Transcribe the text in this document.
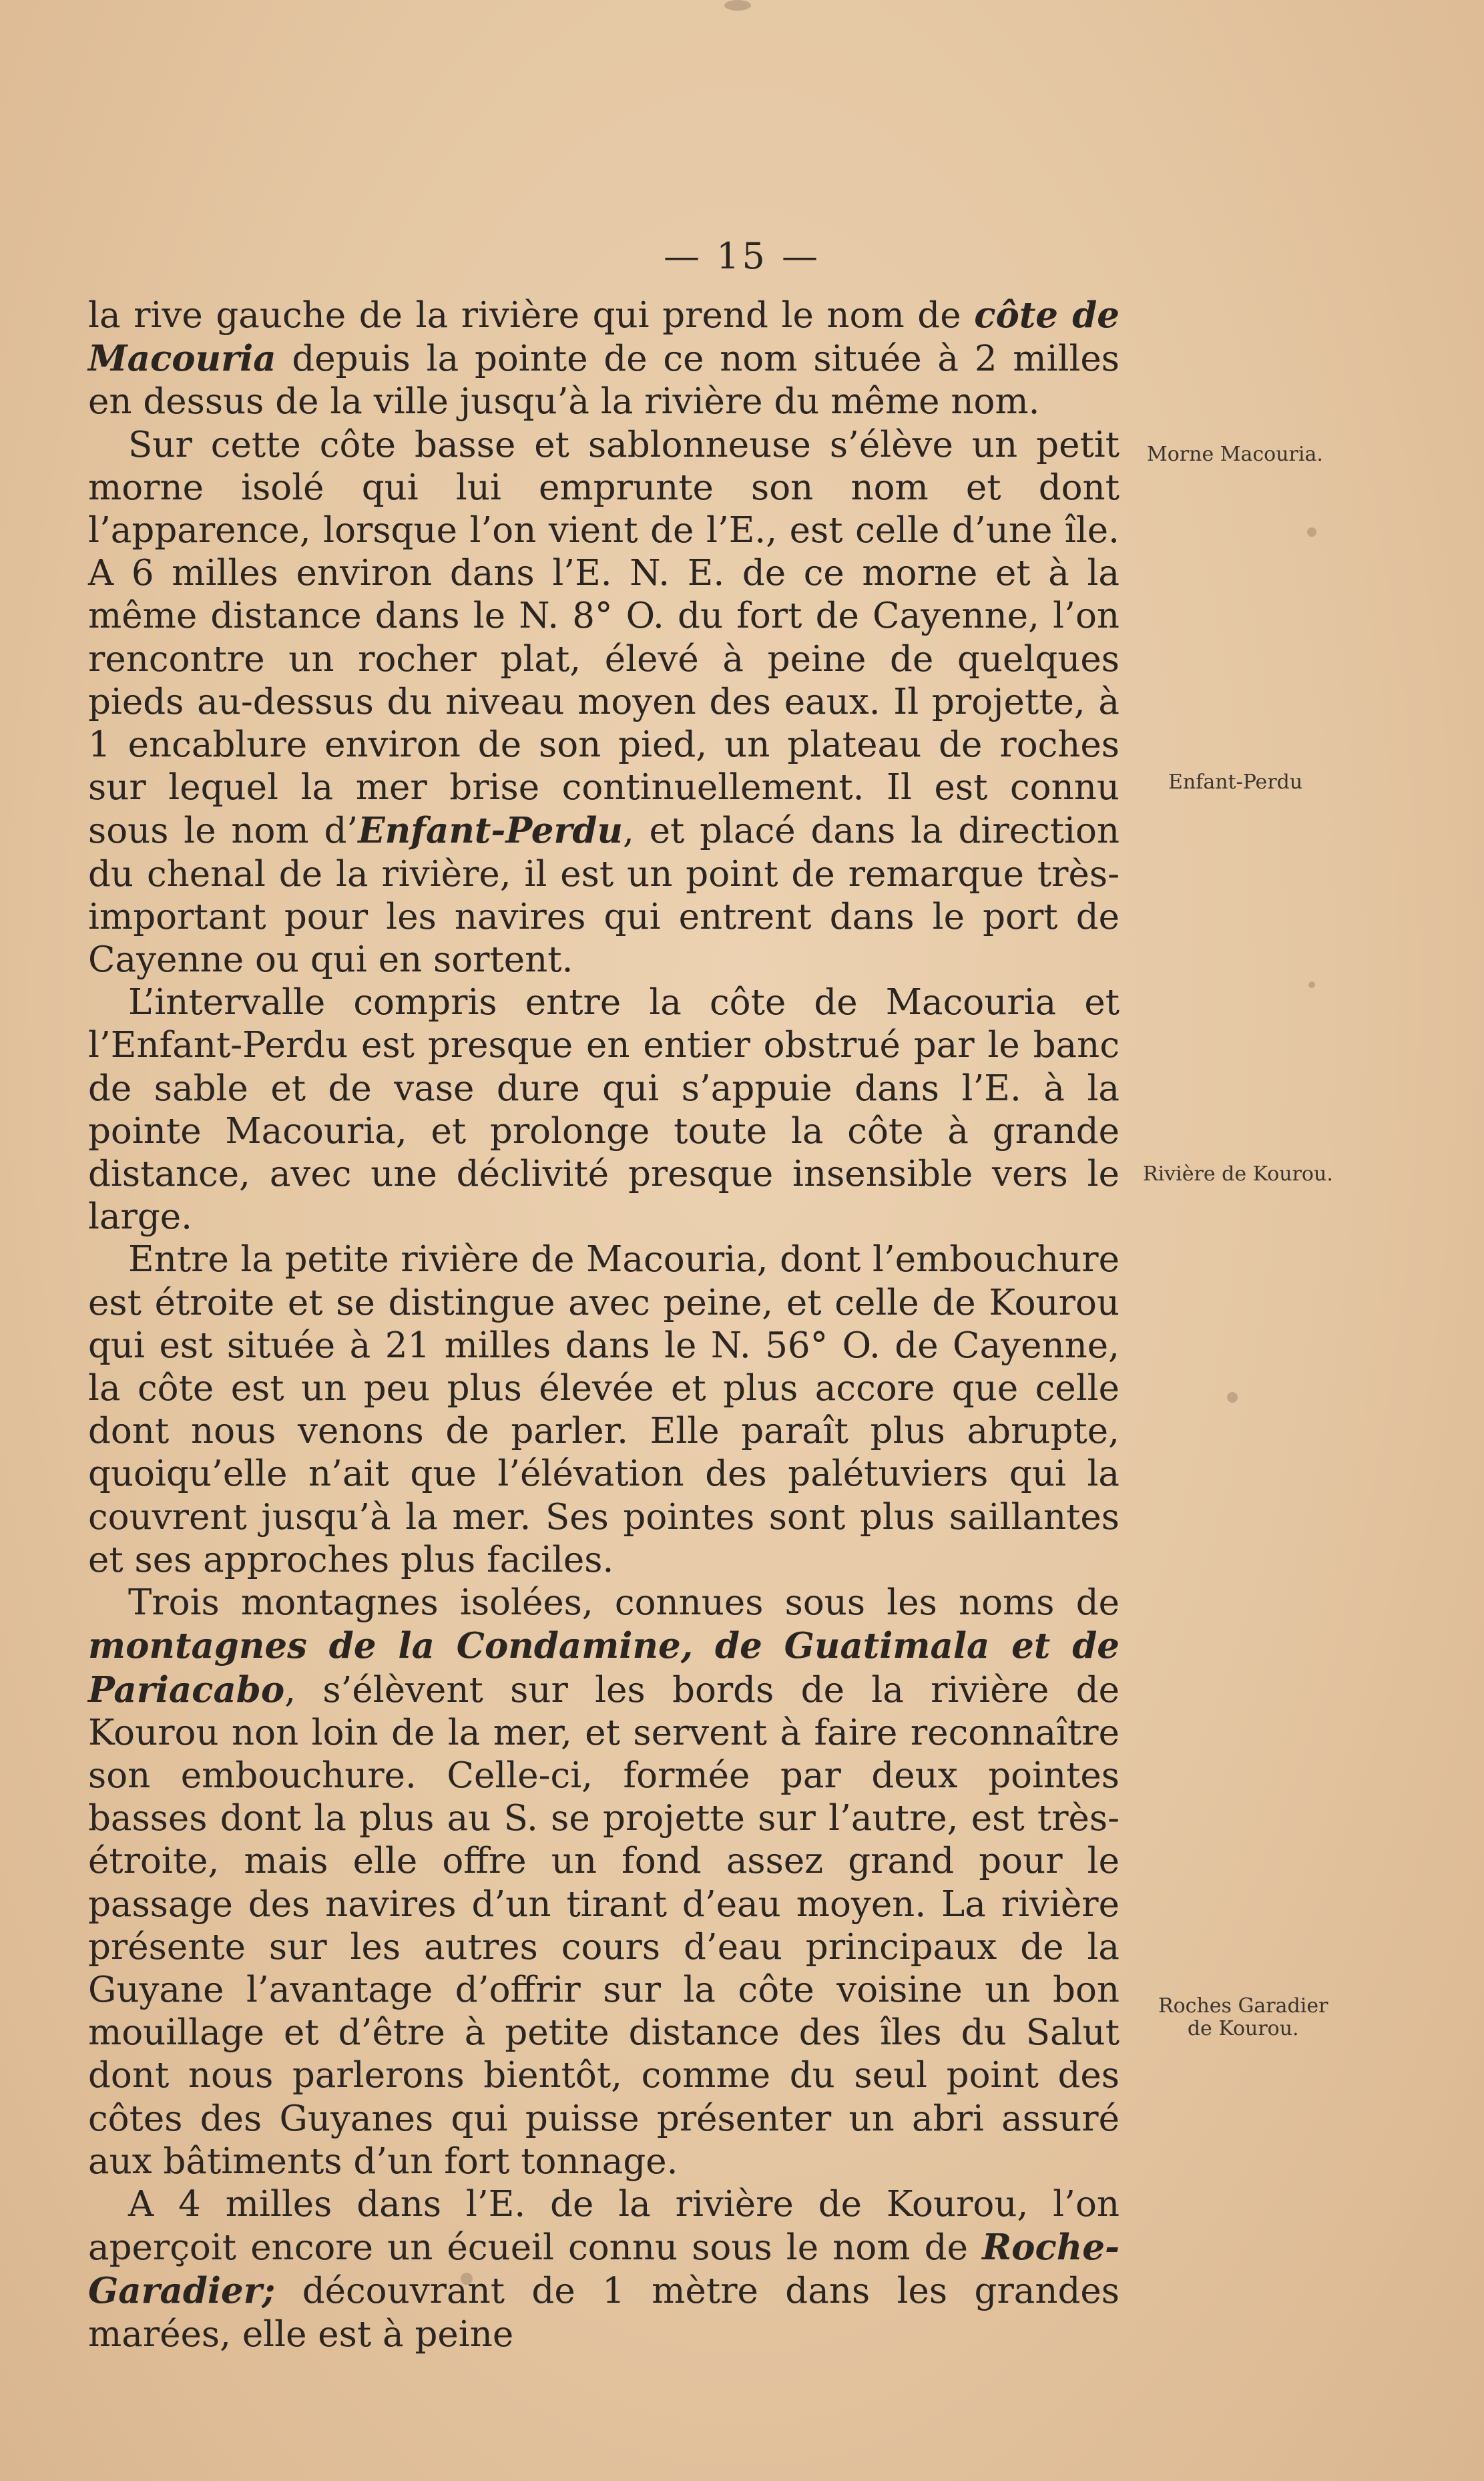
— 15 —

la rive gauche de la rivière qui prend le nom de côte de Macouria depuis la pointe de ce nom située à 2 milles en dessus de la ville jusqu’à la rivière du même nom.

Sur cette côte basse et sablonneuse s’élève un petit morne isolé qui lui emprunte son nom et dont l’apparence, lorsque l’on vient de l’E., est celle d’une île. A 6 milles environ dans l’E. N. E. de ce morne et à la même distance dans le N. 8° O. du fort de Cayenne, l’on rencontre un rocher plat, élevé à peine de quelques pieds au-dessus du niveau moyen des eaux. Il projette, à 1 encablure environ de son pied, un plateau de roches sur lequel la mer brise continuellement. Il est connu sous le nom d’Enfant-Perdu, et placé dans la direction du chenal de la rivière, il est un point de remarque très-important pour les navires qui entrent dans le port de Cayenne ou qui en sortent.

L’intervalle compris entre la côte de Macouria et l’Enfant-Perdu est presque en entier obstrué par le banc de sable et de vase dure qui s’appuie dans l’E. à la pointe Macouria, et prolonge toute la côte à grande distance, avec une déclivité presque insensible vers le large.

Entre la petite rivière de Macouria, dont l’embouchure est étroite et se distingue avec peine, et celle de Kourou qui est située à 21 milles dans le N. 56° O. de Cayenne, la côte est un peu plus élevée et plus accore que celle dont nous venons de parler. Elle paraît plus abrupte, quoiqu’elle n’ait que l’élévation des palétuviers qui la couvrent jusqu’à la mer. Ses pointes sont plus saillantes et ses approches plus faciles.

Trois montagnes isolées, connues sous les noms de montagnes de la Condamine, de Guatimala et de Pariacabo, s’élèvent sur les bords de la rivière de Kourou non loin de la mer, et servent à faire reconnaître son embouchure. Celle-ci, formée par deux pointes basses dont la plus au S. se projette sur l’autre, est très-étroite, mais elle offre un fond assez grand pour le passage des navires d’un tirant d’eau moyen. La rivière présente sur les autres cours d’eau principaux de la Guyane l’avantage d’offrir sur la côte voisine un bon mouillage et d’être à petite distance des îles du Salut dont nous parlerons bientôt, comme du seul point des côtes des Guyanes qui puisse présenter un abri assuré aux bâtiments d’un fort tonnage.

A 4 milles dans l’E. de la rivière de Kourou, l’on aperçoit encore un écueil connu sous le nom de Roche-Garadier; découvrant de 1 mètre dans les grandes marées, elle est à peine

Morne Macouria.
Enfant-Perdu
Rivière de Kourou.
Roches Garadier
de Kourou.
